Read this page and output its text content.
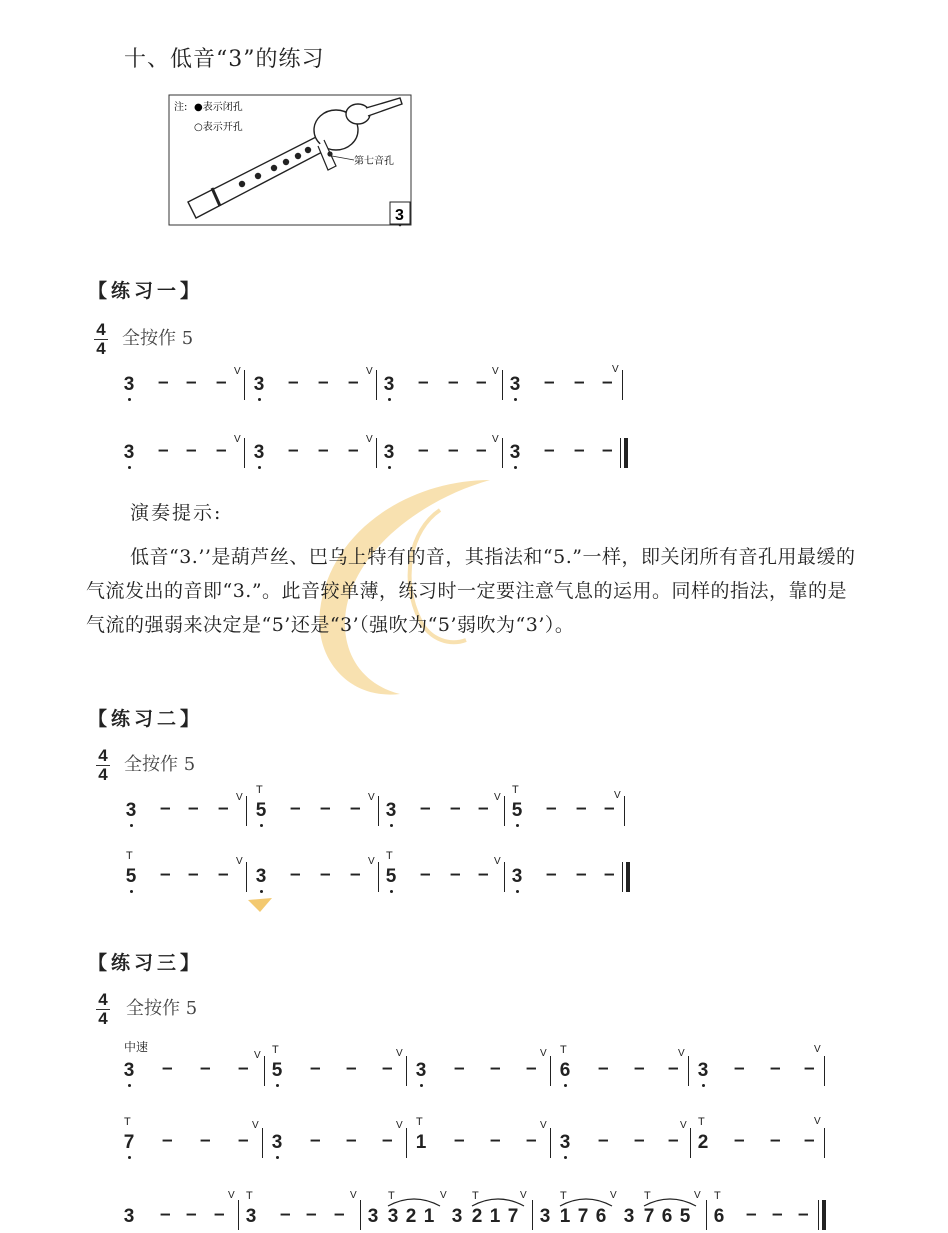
十、低音“3”的练习
注: ●表示闭孔
○表示开孔
第七音孔
3
【练习一】
4
4 全按作 5
3 – – –
V
3 – – –
V
3 – – –
V
3 – – –
V
3 – – –
V
3 – – –
V
3 – – –
V
3 – – –
演奏提示:
低音“3.’’是葫芦丝、巴乌上特有的音，其指法和“5.”一样，即关闭所有音孔用最缓的气流发出的音即“3.”。此音较单薄，练习时一定要注意气息的运用。同样的指法，靠的是气流的强弱来决定是“5’还是“3’（强吹为“5’弱吹为“3’）。
【练习二】
4
4 全按作 5
3 – – –
V
5
T
– – –
V
3 – – –
V
5
T
– – –
V
5
T
– – –
V
3 – – –
V
5
T
– – –
V
3 – – –
【练习三】
4
4 全按作 5
中速
3 – – –
V
5
T
– – –
V
3 – – –
V
6
T
– – –
V
3 – – –
V
7
T
– – –
V
3 – – –
V
1
T
– – –
V
3 – – –
V
2
T
– – –
V
3 – – –
V
3
T
– – –
V
3 3
T
2 1
V
3 2
T
1 7
V
3 1
T
7 6
V
3 7
T
6 5
V
6
T
– – –
